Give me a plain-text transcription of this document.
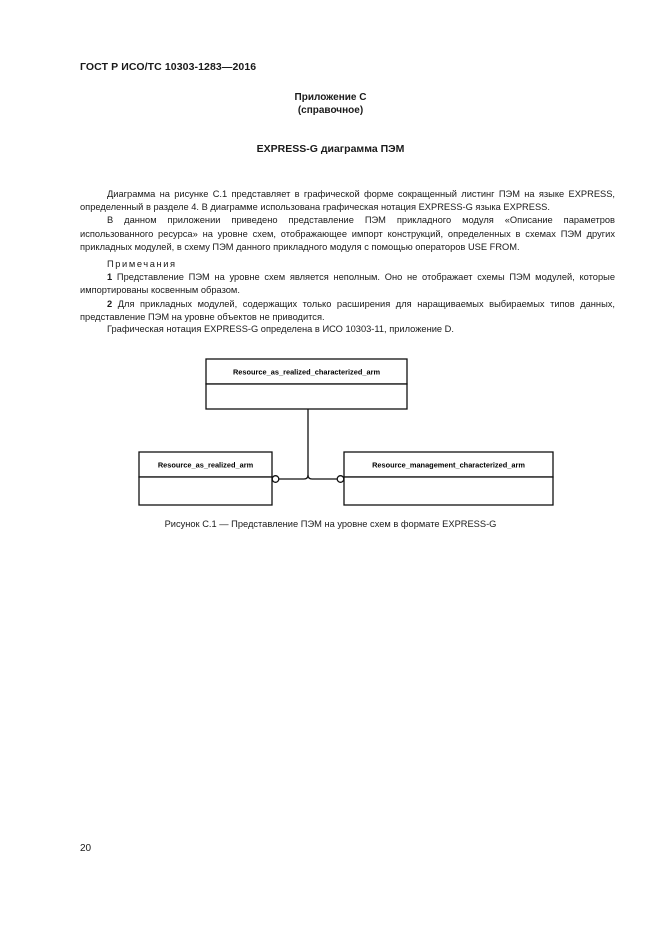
ГОСТ Р ИСО/ТС 10303-1283—2016
Приложение С
(справочное)
EXPRESS-G диаграмма ПЭМ

Диаграмма на рисунке С.1 представляет в графической форме сокращенный листинг ПЭМ на языке EXPRESS, определенный в разделе 4. В диаграмме использована графическая нотация EXPRESS-G языка EXPRESS.

В данном приложении приведено представление ПЭМ прикладного модуля «Описание параметров использованного ресурса» на уровне схем, отображающее импорт конструкций, определенных в схемах ПЭМ других прикладных модулей, в схему ПЭМ данного прикладного модуля с помощью операторов USE FROM.

Примечания

1 Представление ПЭМ на уровне схем является неполным. Оно не отображает схемы ПЭМ модулей, которые импортированы косвенным образом.

2 Для прикладных модулей, содержащих только расширения для наращиваемых выбираемых типов данных, представление ПЭМ на уровне объектов не приводится.

Графическая нотация EXPRESS-G определена в ИСО 10303-11, приложение D.

Resource_as_realized_characterized_arm
Resource_as_realized_arm	Resource_management_characterized_arm
Рисунок С.1 — Представление ПЭМ на уровне схем в формате EXPRESS-G
20
